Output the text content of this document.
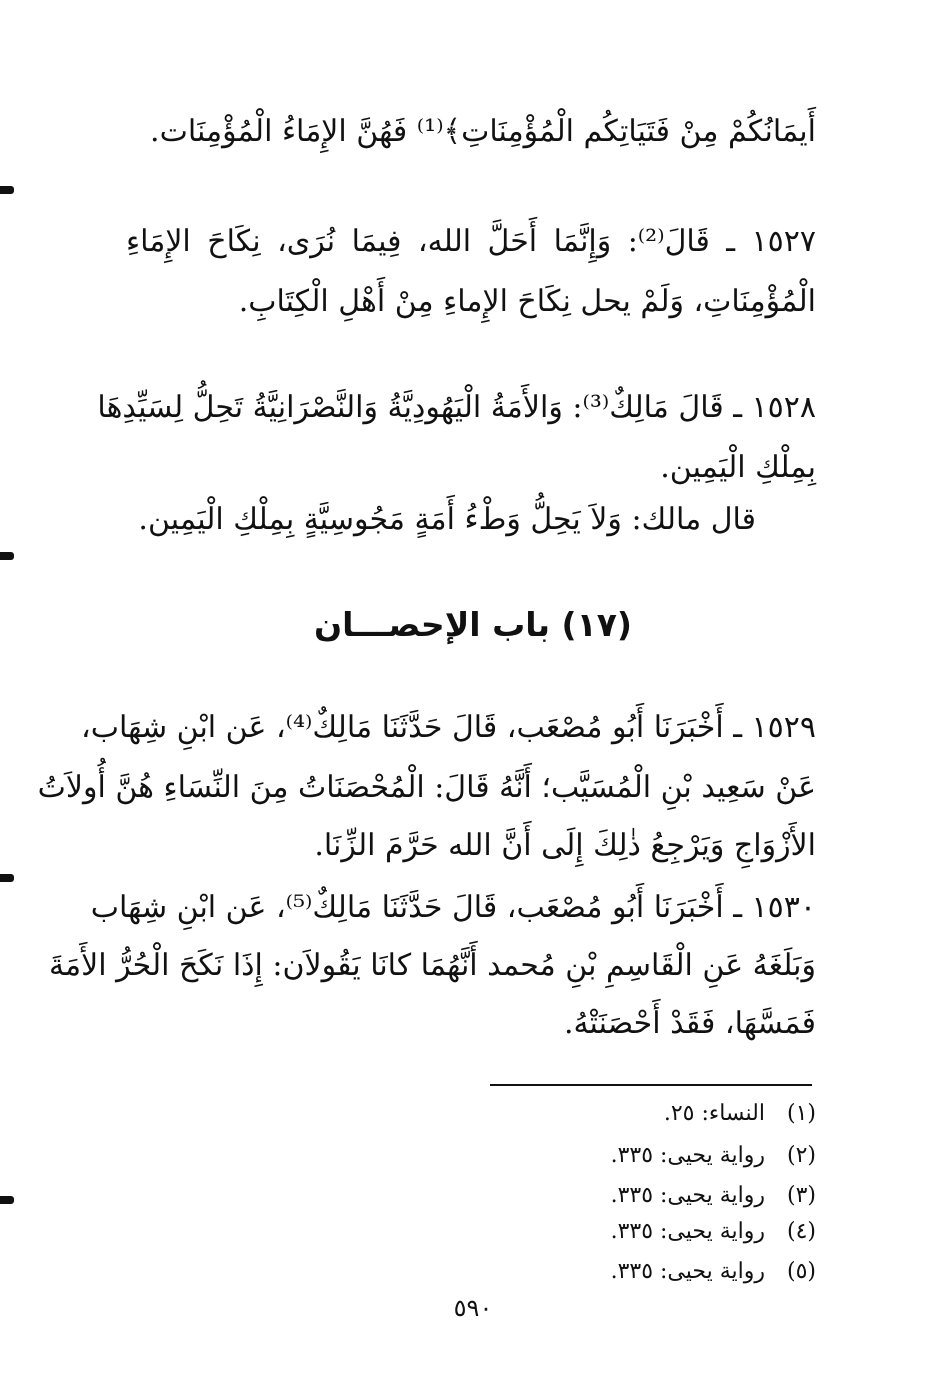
أَيمَانُكُمْ مِنْ فَتَيَاتِكُم الْمُؤْمِنَاتِ﴾⁽¹⁾ فَهُنَّ الإِمَاءُ الْمُؤْمِنَات.
١٥٢٧ ـ قَالَ⁽²⁾: وَإِنَّمَا أَحَلَّ الله، فِيمَا نُرَى، نِكَاحَ الإِمَاءِ
الْمُؤْمِنَاتِ، وَلَمْ يحل نِكَاحَ الإِماءِ مِنْ أَهْلِ الْكِتَابِ.
١٥٢٨ ـ قَالَ مَالِكٌ⁽³⁾: وَالأَمَةُ الْيَهُودِيَّةُ وَالنَّصْرَانِيَّةُ تَحِلُّ لِسَيِّدِهَا
بِمِلْكِ الْيَمِين.
قال مالك: وَلاَ يَحِلُّ وَطْءُ أَمَةٍ مَجُوسِيَّةٍ بِمِلْكِ الْيَمِين.
(١٧) باب الإحصـــان
١٥٢٩ ـ أَخْبَرَنَا أَبُو مُصْعَب، قَالَ حَدَّثَنَا مَالِكٌ⁽⁴⁾، عَن ابْنِ شِهَاب،
عَنْ سَعِيد بْنِ الْمُسَيَّب؛ أَنَّهُ قَالَ: الْمُحْصَنَاتُ مِنَ النِّسَاءِ هُنَّ أُولاَتُ
الأَزْوَاجِ وَيَرْجِعُ ذٰلِكَ إِلَى أَنَّ الله حَرَّمَ الزِّنَا.
١٥٣٠ ـ أَخْبَرَنَا أَبُو مُصْعَب، قَالَ حَدَّثَنَا مَالِكٌ⁽⁵⁾، عَن ابْنِ شِهَاب
وَبَلَغَهُ عَنِ الْقَاسِمِ بْنِ مُحمد أَنَّهُمَا كانَا يَقُولاَن: إِذَا نَكَحَ الْحُرُّ الأَمَةَ
فَمَسَّهَا، فَقَدْ أَحْصَنَتْهُ.
(١) النساء: ٢٥.
(٢) رواية يحيى: ٣٣٥.
(٣) رواية يحيى: ٣٣٥.
(٤) رواية يحيى: ٣٣٥.
(٥) رواية يحيى: ٣٣٥.
٥٩٠
